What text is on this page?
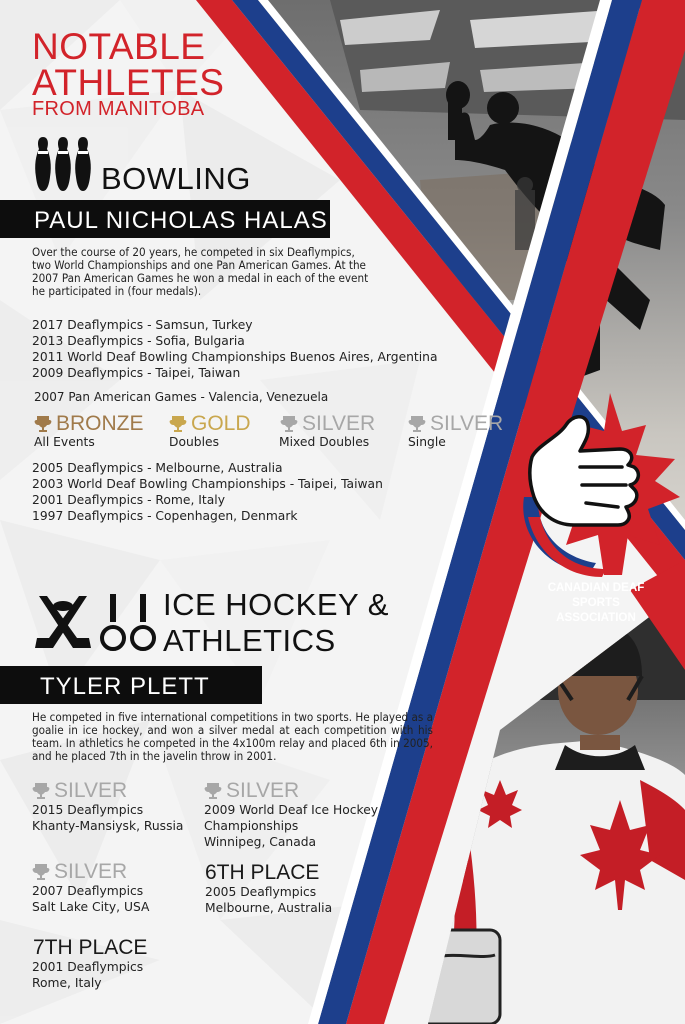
NOTABLE
ATHLETES
FROM MANITOBA
BOWLING
PAUL NICHOLAS HALAS
Over the course of 20 years, he competed in six Deaflympics, two World Championships and one Pan American Games. At the 2007 Pan American Games he won a medal in each of the event he participated in (four medals).
2017 Deaflympics - Samsun, Turkey
2013 Deaflympics - Sofia, Bulgaria
2011 World Deaf Bowling Championships Buenos Aires, Argentina
2009 Deaflympics - Taipei, Taiwan
2007 Pan American Games - Valencia, Venezuela
BRONZE
All Events
GOLD
Doubles
SILVER
Mixed Doubles
SILVER
Single
2005 Deaflympics - Melbourne, Australia
2003 World Deaf Bowling Championships - Taipei, Taiwan
2001 Deaflympics - Rome, Italy
1997 Deaflympics - Copenhagen, Denmark
ICE HOCKEY &
ATHLETICS
TYLER PLETT
He competed in five international competitions in two sports. He played as a goalie in ice hockey, and won a silver medal at each competition with his team. In athletics he competed in the 4x100m relay and placed 6th in 2005, and he placed 7th in the javelin throw in 2001.
SILVER
2015 Deaflympics
Khanty-Mansiysk, Russia
SILVER
2009 World Deaf Ice Hockey
Championships
Winnipeg, Canada
SILVER
2007 Deaflympics
Salt Lake City, USA
6TH PLACE
2005 Deaflympics
Melbourne, Australia
7TH PLACE
2001 Deaflympics
Rome, Italy
CANADIAN DEAF
SPORTS ASSOCIATION
